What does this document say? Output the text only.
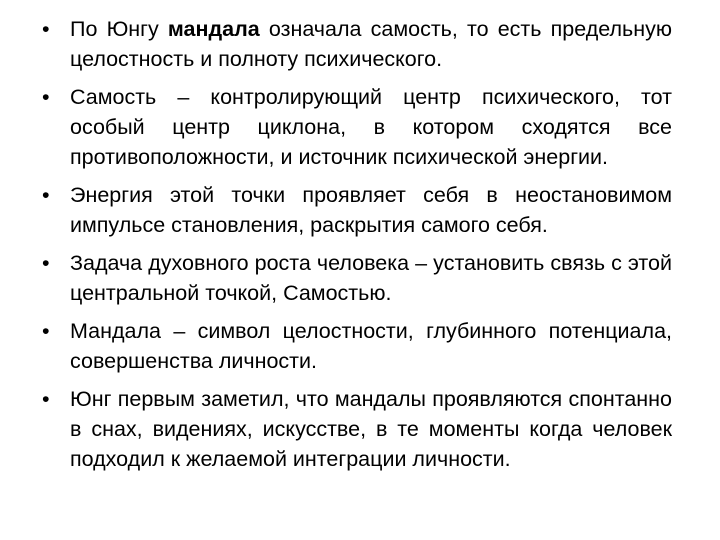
• По Юнгу мандала означала самость, то есть предельную целостность и полноту психического.
• Самость – контролирующий центр психического, тот особый центр циклона, в котором сходятся все противоположности, и источник психической энергии.
• Энергия этой точки проявляет себя в неостановимом импульсе становления, раскрытия самого себя.
• Задача духовного роста человека – установить связь с этой центральной точкой, Самостью.
• Мандала – символ целостности, глубинного потенциала, совершенства личности.
• Юнг первым заметил, что мандалы проявляются спонтанно в снах, видениях, искусстве, в те моменты когда человек подходил к желаемой интеграции личности.
